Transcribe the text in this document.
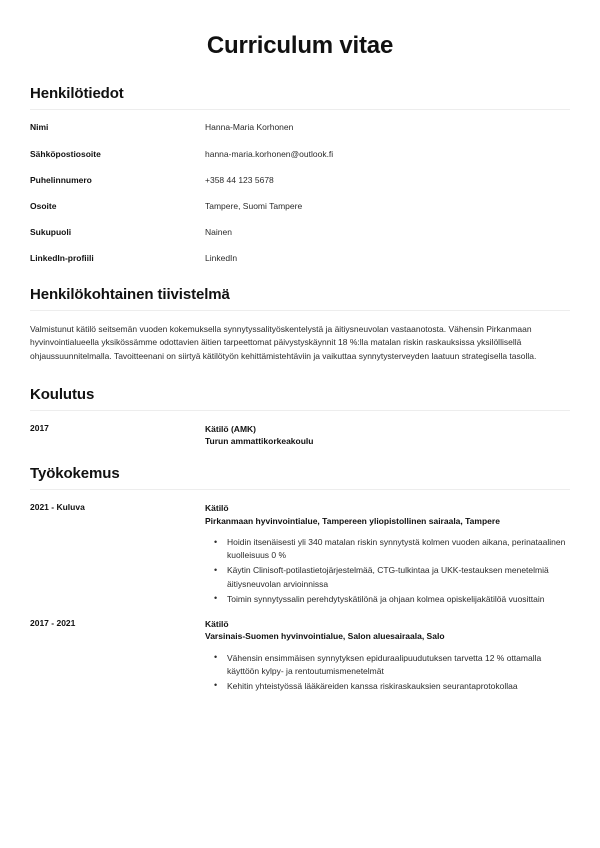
Curriculum vitae
Henkilötiedot
Nimi	Hanna-Maria Korhonen
Sähköpostiosoite	hanna-maria.korhonen@outlook.fi
Puhelinnumero	+358 44 123 5678
Osoite	Tampere, Suomi Tampere
Sukupuoli	Nainen
LinkedIn-profiili	LinkedIn
Henkilökohtainen tiivistelmä

Valmistunut kätilö seitsemän vuoden kokemuksella synnytyssalityöskentelystä ja äitiysneuvolan vastaanotosta. Vähensin Pirkanmaan hyvinvointialueella yksikössämme odottavien äitien tarpeettomat päivystyskäynnit 18 %:lla matalan riskin raskauksissa yksilöllisellä ohjaussuunnitelmalla. Tavoitteenani on siirtyä kätilötyön kehittämistehtäviin ja vaikuttaa synnytysterveyden laatuun strategisella tasolla.

Koulutus
2017	Kätilö (AMK)
Turun ammattikorkeakoulu
Työkokemus
2021 - Kuluva	Kätilö
Pirkanmaan hyvinvointialue, Tampereen yliopistollinen sairaala, Tampere
• Hoidin itsenäisesti yli 340 matalan riskin synnytystä kolmen vuoden aikana, perinataalinen kuolleisuus 0 %
• Käytin Clinisoft-potilastietojärjestelmää, CTG-tulkintaa ja UKK-testauksen menetelmiä äitiysneuvolan arvioinnissa
• Toimin synnytyssalin perehdytyskätilönä ja ohjaan kolmea opiskelijakätilöä vuosittain
2017 - 2021	Kätilö
Varsinais-Suomen hyvinvointialue, Salon aluesairaala, Salo
• Vähensin ensimmäisen synnytyksen epiduraalipuudutuksen tarvetta 12 % ottamalla käyttöön kylpy- ja rentoutumismenetelmät
• Kehitin yhteistyössä lääkäreiden kanssa riskiraskauksien seurantaprotokollaa
